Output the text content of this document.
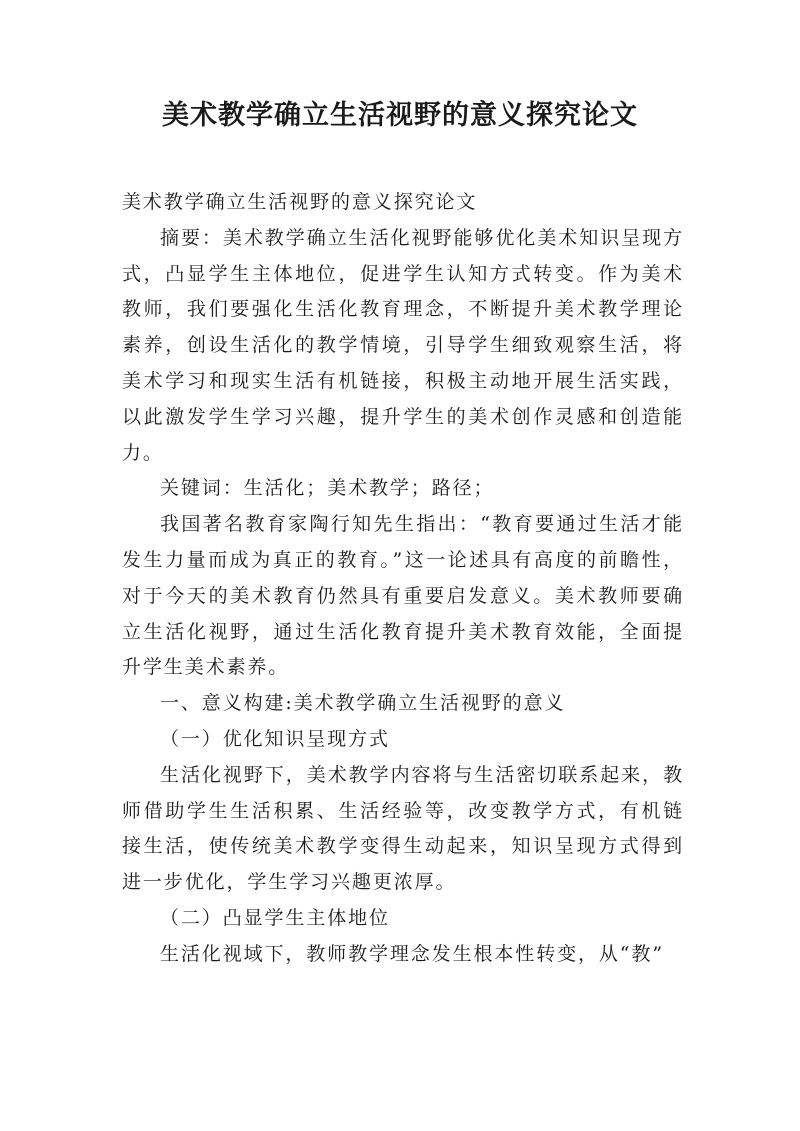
美术教学确立生活视野的意义探究论文

美术教学确立生活视野的意义探究论文

摘要：美术教学确立生活化视野能够优化美术知识呈现方式，凸显学生主体地位，促进学生认知方式转变。作为美术教师，我们要强化生活化教育理念，不断提升美术教学理论素养，创设生活化的教学情境，引导学生细致观察生活，将美术学习和现实生活有机链接，积极主动地开展生活实践，以此激发学生学习兴趣，提升学生的美术创作灵感和创造能力。

关键词：生活化；美术教学；路径；

我国著名教育家陶行知先生指出：“教育要通过生活才能发生力量而成为真正的教育。”这一论述具有高度的前瞻性，对于今天的美术教育仍然具有重要启发意义。美术教师要确立生活化视野，通过生活化教育提升美术教育效能，全面提升学生美术素养。

一、意义构建:美术教学确立生活视野的意义

（一）优化知识呈现方式

生活化视野下，美术教学内容将与生活密切联系起来，教师借助学生生活积累、生活经验等，改变教学方式，有机链接生活，使传统美术教学变得生动起来，知识呈现方式得到进一步优化，学生学习兴趣更浓厚。

（二）凸显学生主体地位

生活化视域下，教师教学理念发生根本性转变，从“教”
